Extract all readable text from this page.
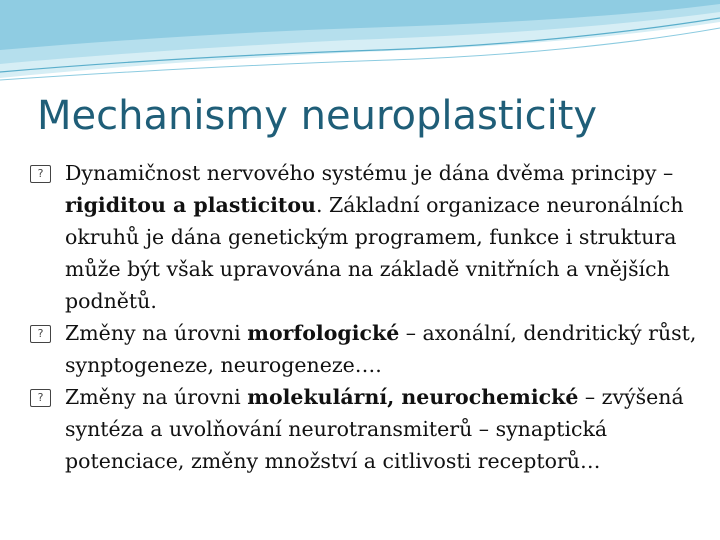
Mechanismy neuroplasticity
?
Dynamičnost nervového systému je dána dvěma principy – rigiditou a plasticitou. Základní organizace neuronálních okruhů je dána genetickým programem, funkce i struktura může být však upravována na základě vnitřních a vnějších podnětů.
?
Změny na úrovni morfologické – axonální, dendritický růst, synptogeneze, neurogeneze….
?
Změny na úrovni molekulární, neurochemické – zvýšená syntéza a uvolňování neurotransmiterů – synaptická potenciace, změny množství a citlivosti receptorů…
